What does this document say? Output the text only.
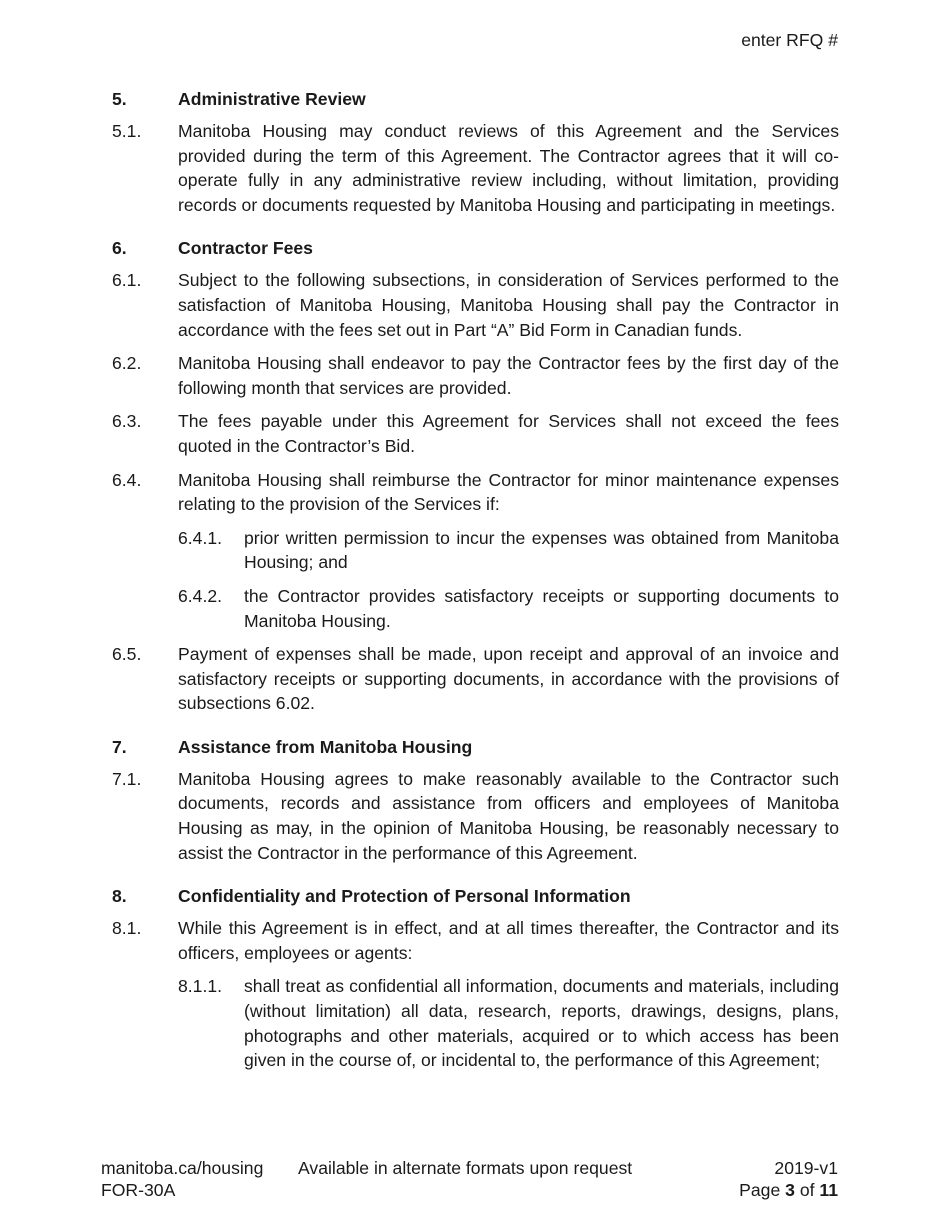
enter RFQ #
5.	Administrative Review
5.1.	Manitoba Housing may conduct reviews of this Agreement and the Services provided during the term of this Agreement. The Contractor agrees that it will co-operate fully in any administrative review including, without limitation, providing records or documents requested by Manitoba Housing and participating in meetings.
6.	Contractor Fees
6.1.	Subject to the following subsections, in consideration of Services performed to the satisfaction of Manitoba Housing, Manitoba Housing shall pay the Contractor in accordance with the fees set out in Part “A” Bid Form in Canadian funds.
6.2.	Manitoba Housing shall endeavor to pay the Contractor fees by the first day of the following month that services are provided.
6.3.	The fees payable under this Agreement for Services shall not exceed the fees quoted in the Contractor’s Bid.
6.4.	Manitoba Housing shall reimburse the Contractor for minor maintenance expenses relating to the provision of the Services if:
6.4.1.	prior written permission to incur the expenses was obtained from Manitoba Housing; and
6.4.2.	the Contractor provides satisfactory receipts or supporting documents to Manitoba Housing.
6.5.	Payment of expenses shall be made, upon receipt and approval of an invoice and satisfactory receipts or supporting documents, in accordance with the provisions of subsections 6.02.
7.	Assistance from Manitoba Housing
7.1.	Manitoba Housing agrees to make reasonably available to the Contractor such documents, records and assistance from officers and employees of Manitoba Housing as may, in the opinion of Manitoba Housing, be reasonably necessary to assist the Contractor in the performance of this Agreement.
8.	Confidentiality and Protection of Personal Information
8.1.	While this Agreement is in effect, and at all times thereafter, the Contractor and its officers, employees or agents:
8.1.1.	shall treat as confidential all information, documents and materials, including (without limitation) all data, research, reports, drawings, designs, plans, photographs and other materials, acquired or to which access has been given in the course of, or incidental to, the performance of this Agreement;
manitoba.ca/housing Available in alternate formats upon request	2019-v1
FOR-30A	Page 3 of 11
